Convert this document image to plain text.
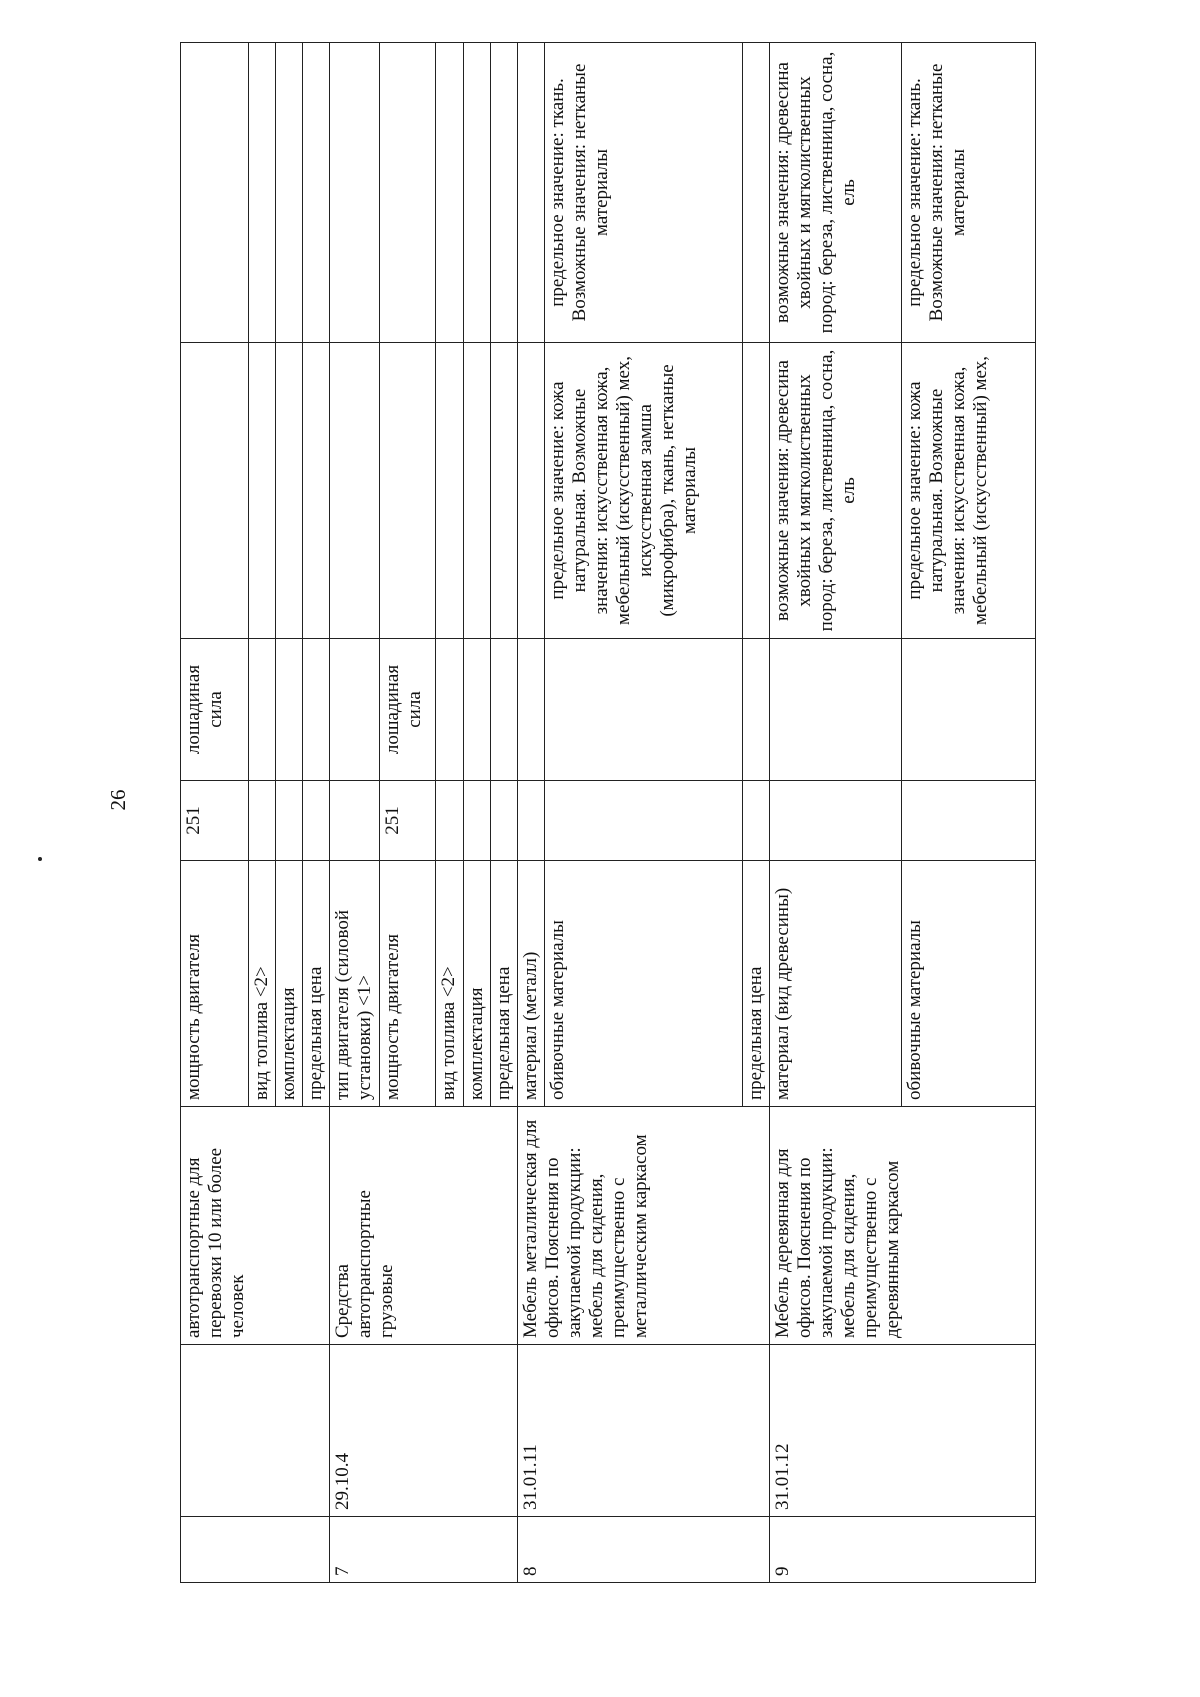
26
		автотранспортные для перевозки 10 или более человек	мощность двигателя	251	лошадиная сила		
			вид топлива <2>				
			комплектация				
			предельная цена				
7	29.10.4	Средства автотранспортные грузовые	тип двигателя (силовой установки) <1>				
			мощность двигателя	251	лошадиная сила		
			вид топлива <2>				
			комплектация				
			предельная цена				
8	31.01.11	Мебель металлическая для офисов. Пояснения по закупаемой продукции: мебель для сидения, преимущественно с металлическим каркасом	материал (металл)				
			обивочные материалы			предельное значение: кожа натуральная. Возможные значения: искусственная кожа, мебельный (искусственный) мех, искусственная замша (микрофибра), ткань, нетканые материалы	предельное значение: ткань. Возможные значения: нетканые материалы
			предельная цена				
9	31.01.12	Мебель деревянная для офисов. Пояснения по закупаемой продукции: мебель для сидения, преимущественно с деревянным каркасом	материал (вид древесины)			возможные значения: древесина хвойных и мягколиственных пород: береза, лиственница, сосна, ель	возможные значения: древесина хвойных и мягколиственных пород: береза, лиственница, сосна, ель
			обивочные материалы			предельное значение: кожа натуральная. Возможные значения: искусственная кожа, мебельный (искусственный) мех,	предельное значение: ткань. Возможные значения: нетканые материалы
